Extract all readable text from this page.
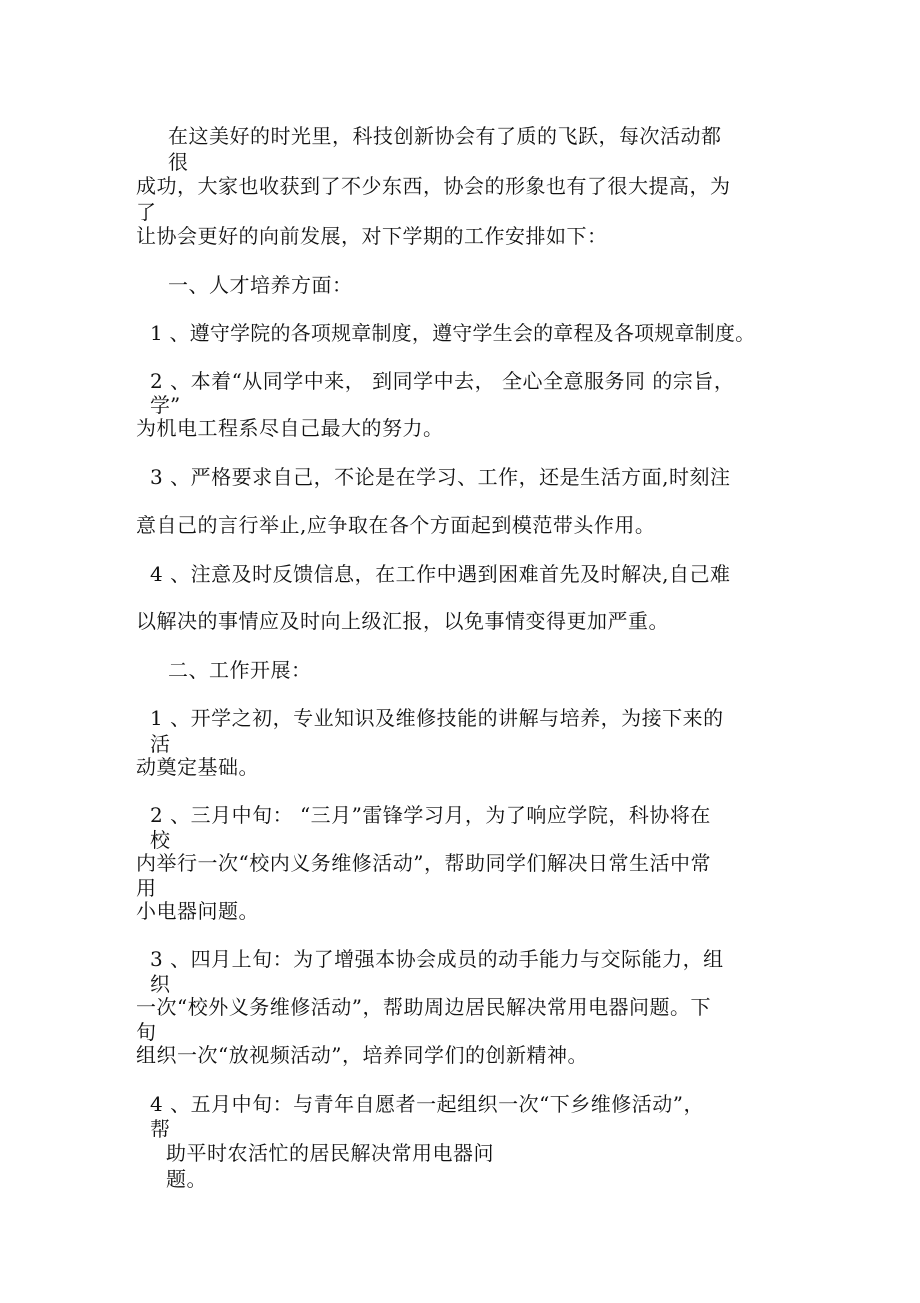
在这美好的时光里，科技创新协会有了质的飞跃，每次活动都
很
成功，大家也收获到了不少东西，协会的形象也有了很大提高，为
了
让协会更好的向前发展，对下学期的工作安排如下：
一、人才培养方面：
1 、遵守学院的各项规章制度，遵守学生会的章程及各项规章制度。
2 、本着“从同学中来， 到同学中去， 全心全意服务同 的宗旨，
学”
为机电工程系尽自己最大的努力。
3 、严格要求自己，不论是在学习、工作，还是生活方面,时刻注
意自己的言行举止,应争取在各个方面起到模范带头作用。
4 、注意及时反馈信息，在工作中遇到困难首先及时解决,自己难
以解决的事情应及时向上级汇报，以免事情变得更加严重。
二、工作开展：
1 、开学之初，专业知识及维修技能的讲解与培养，为接下来的
活
动奠定基础。
2 、三月中旬： “三月”雷锋学习月，为了响应学院，科协将在
校
内举行一次“校内义务维修活动”，帮助同学们解决日常生活中常
用
小电器问题。
3 、四月上旬：为了增强本协会成员的动手能力与交际能力，组
织
一次“校外义务维修活动”，帮助周边居民解决常用电器问题。下
旬
组织一次“放视频活动”，培养同学们的创新精神。
4 、五月中旬：与青年自愿者一起组织一次“下乡维修活动”，
帮
助平时农活忙的居民解决常用电器问
题。
